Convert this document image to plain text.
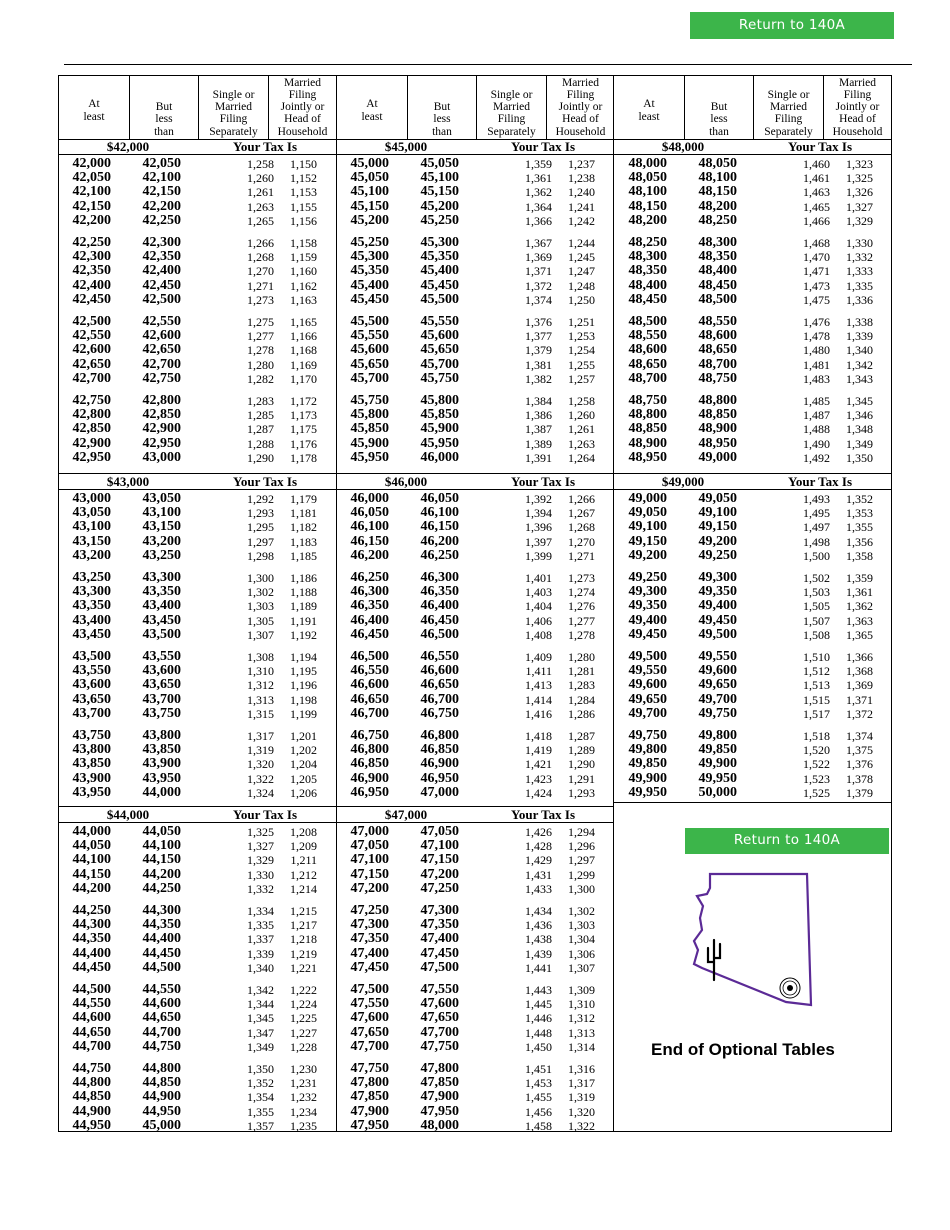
Return to 140A
At
least
But
less
than
Single or
Married
Filing
Separately
Married
Filing
Jointly or
Head of
Household
$42,000	Your Tax Is
42,000 42,050	1,258 1,150
42,050 42,100	1,260 1,152
42,100 42,150	1,261 1,153
42,150 42,200	1,263 1,155
42,200 42,250	1,265 1,156
42,250 42,300	1,266 1,158
42,300 42,350	1,268 1,159
42,350 42,400	1,270 1,160
42,400 42,450	1,271 1,162
42,450 42,500	1,273 1,163
42,500 42,550	1,275 1,165
42,550 42,600	1,277 1,166
42,600 42,650	1,278 1,168
42,650 42,700	1,280 1,169
42,700 42,750	1,282 1,170
42,750 42,800	1,283 1,172
42,800 42,850	1,285 1,173
42,850 42,900	1,287 1,175
42,900 42,950	1,288 1,176
42,950 43,000	1,290 1,178
$43,000	Your Tax Is
43,000 43,050	1,292 1,179
43,050 43,100	1,293 1,181
43,100 43,150	1,295 1,182
43,150 43,200	1,297 1,183
43,200 43,250	1,298 1,185
43,250 43,300	1,300 1,186
43,300 43,350	1,302 1,188
43,350 43,400	1,303 1,189
43,400 43,450	1,305 1,191
43,450 43,500	1,307 1,192
43,500 43,550	1,308 1,194
43,550 43,600	1,310 1,195
43,600 43,650	1,312 1,196
43,650 43,700	1,313 1,198
43,700 43,750	1,315 1,199
43,750 43,800	1,317 1,201
43,800 43,850	1,319 1,202
43,850 43,900	1,320 1,204
43,900 43,950	1,322 1,205
43,950 44,000	1,324 1,206
$44,000	Your Tax Is
44,000 44,050	1,325 1,208
44,050 44,100	1,327 1,209
44,100 44,150	1,329 1,211
44,150 44,200	1,330 1,212
44,200 44,250	1,332 1,214
44,250 44,300	1,334 1,215
44,300 44,350	1,335 1,217
44,350 44,400	1,337 1,218
44,400 44,450	1,339 1,219
44,450 44,500	1,340 1,221
44,500 44,550	1,342 1,222
44,550 44,600	1,344 1,224
44,600 44,650	1,345 1,225
44,650 44,700	1,347 1,227
44,700 44,750	1,349 1,228
44,750 44,800	1,350 1,230
44,800 44,850	1,352 1,231
44,850 44,900	1,354 1,232
44,900 44,950	1,355 1,234
44,950 45,000	1,357 1,235
At
least
But
less
than
Single or
Married
Filing
Separately
Married
Filing
Jointly or
Head of
Household
$45,000	Your Tax Is
45,000 45,050	1,359 1,237
45,050 45,100	1,361 1,238
45,100 45,150	1,362 1,240
45,150 45,200	1,364 1,241
45,200 45,250	1,366 1,242
45,250 45,300	1,367 1,244
45,300 45,350	1,369 1,245
45,350 45,400	1,371 1,247
45,400 45,450	1,372 1,248
45,450 45,500	1,374 1,250
45,500 45,550	1,376 1,251
45,550 45,600	1,377 1,253
45,600 45,650	1,379 1,254
45,650 45,700	1,381 1,255
45,700 45,750	1,382 1,257
45,750 45,800	1,384 1,258
45,800 45,850	1,386 1,260
45,850 45,900	1,387 1,261
45,900 45,950	1,389 1,263
45,950 46,000	1,391 1,264
$46,000	Your Tax Is
46,000 46,050	1,392 1,266
46,050 46,100	1,394 1,267
46,100 46,150	1,396 1,268
46,150 46,200	1,397 1,270
46,200 46,250	1,399 1,271
46,250 46,300	1,401 1,273
46,300 46,350	1,403 1,274
46,350 46,400	1,404 1,276
46,400 46,450	1,406 1,277
46,450 46,500	1,408 1,278
46,500 46,550	1,409 1,280
46,550 46,600	1,411 1,281
46,600 46,650	1,413 1,283
46,650 46,700	1,414 1,284
46,700 46,750	1,416 1,286
46,750 46,800	1,418 1,287
46,800 46,850	1,419 1,289
46,850 46,900	1,421 1,290
46,900 46,950	1,423 1,291
46,950 47,000	1,424 1,293
$47,000	Your Tax Is
47,000 47,050	1,426 1,294
47,050 47,100	1,428 1,296
47,100 47,150	1,429 1,297
47,150 47,200	1,431 1,299
47,200 47,250	1,433 1,300
47,250 47,300	1,434 1,302
47,300 47,350	1,436 1,303
47,350 47,400	1,438 1,304
47,400 47,450	1,439 1,306
47,450 47,500	1,441 1,307
47,500 47,550	1,443 1,309
47,550 47,600	1,445 1,310
47,600 47,650	1,446 1,312
47,650 47,700	1,448 1,313
47,700 47,750	1,450 1,314
47,750 47,800	1,451 1,316
47,800 47,850	1,453 1,317
47,850 47,900	1,455 1,319
47,900 47,950	1,456 1,320
47,950 48,000	1,458 1,322
At
least
But
less
than
Single or
Married
Filing
Separately
Married
Filing
Jointly or
Head of
Household
$48,000	Your Tax Is
48,000 48,050	1,460 1,323
48,050 48,100	1,461 1,325
48,100 48,150	1,463 1,326
48,150 48,200	1,465 1,327
48,200 48,250	1,466 1,329
48,250 48,300	1,468 1,330
48,300 48,350	1,470 1,332
48,350 48,400	1,471 1,333
48,400 48,450	1,473 1,335
48,450 48,500	1,475 1,336
48,500 48,550	1,476 1,338
48,550 48,600	1,478 1,339
48,600 48,650	1,480 1,340
48,650 48,700	1,481 1,342
48,700 48,750	1,483 1,343
48,750 48,800	1,485 1,345
48,800 48,850	1,487 1,346
48,850 48,900	1,488 1,348
48,900 48,950	1,490 1,349
48,950 49,000	1,492 1,350
$49,000	Your Tax Is
49,000 49,050	1,493 1,352
49,050 49,100	1,495 1,353
49,100 49,150	1,497 1,355
49,150 49,200	1,498 1,356
49,200 49,250	1,500 1,358
49,250 49,300	1,502 1,359
49,300 49,350	1,503 1,361
49,350 49,400	1,505 1,362
49,400 49,450	1,507 1,363
49,450 49,500	1,508 1,365
49,500 49,550	1,510 1,366
49,550 49,600	1,512 1,368
49,600 49,650	1,513 1,369
49,650 49,700	1,515 1,371
49,700 49,750	1,517 1,372
49,750 49,800	1,518 1,374
49,800 49,850	1,520 1,375
49,850 49,900	1,522 1,376
49,900 49,950	1,523 1,378
49,950 50,000	1,525 1,379
Return to 140A
End of Optional Tables
